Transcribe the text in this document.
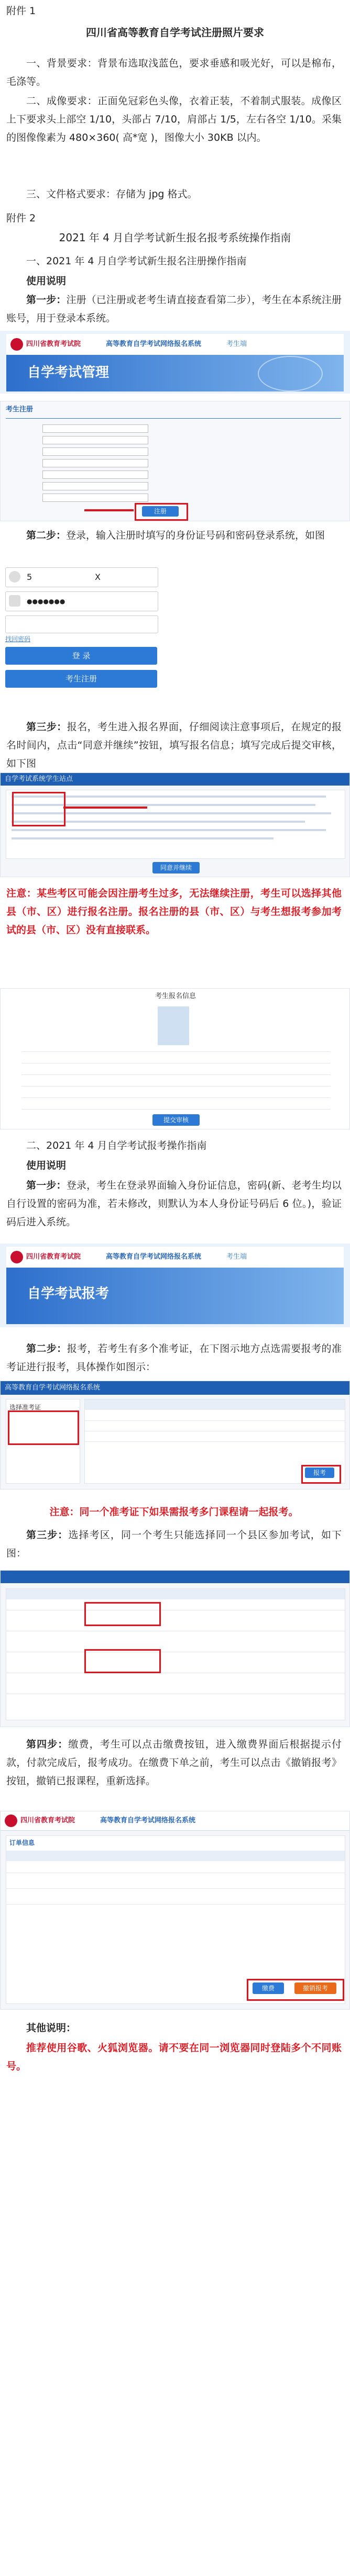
附件 1
四川省高等教育自学考试注册照片要求
一、背景要求：背景布选取浅蓝色，要求垂感和吸光好，可以是棉布，毛涤等。
二、成像要求：正面免冠彩色头像，衣着正装，不着制式服装。成像区上下要求头上部空 1/10，头部占 7/10，肩部占 1/5，左右各空 1/10。采集的图像像素为 480×360( 高*宽 )，图像大小 30KB 以内。
三、文件格式要求：存储为 jpg 格式。
附件 2
2021 年 4 月自学考试新生报名报考系统操作指南
一、2021 年 4 月自学考试新生报名注册操作指南
使用说明
第一步：注册（已注册或老考生请直接查看第二步），考生在本系统注册账号，用于登录本系统。
四川省教育考试院	高等教育自学考试网络报名系统	考生端
自学考试管理
考生注册
注册
第二步：登录，输入注册时填写的身份证号码和密码登录系统，如图
5	X
●●●●●●●
找回密码
登 录
考生注册
第三步：报名，考生进入报名界面，仔细阅读注意事项后，在规定的报名时间内，点击“同意并继续”按钮，填写报名信息；填写完成后提交审核，如下图
自学考试系统学生站点
同意并继续
注意：某些考区可能会因注册考生过多，无法继续注册，考生可以选择其他县（市、区）进行报名注册。报名注册的县（市、区）与考生想报考参加考试的县（市、区）没有直接联系。
考生报名信息
提交审核
二、2021 年 4 月自学考试报考操作指南
使用说明
第一步：登录，考生在登录界面输入身份证信息，密码(新、老考生均以自行设置的密码为准，若未修改，则默认为本人身份证号码后 6 位。)，验证码后进入系统。
四川省教育考试院	高等教育自学考试网络报名系统	考生端
自学考试报考
第二步：报考，若考生有多个准考证，在下图示地方点选需要报考的准考证进行报考，具体操作如图示：
高等教育自学考试网络报名系统
选择准考证
报考
注意：同一个准考证下如果需报考多门课程请一起报考。
第三步：选择考区，同一个考生只能选择同一个县区参加考试，如下图：
第四步：缴费，考生可以点击缴费按钮，进入缴费界面后根据提示付款，付款完成后，报考成功。在缴费下单之前，考生可以点击《撤销报考》按钮，撤销已报课程，重新选择。
四川省教育考试院	高等教育自学考试网络报名系统
订单信息
缴费	撤销报考
其他说明：
推荐使用谷歌、火狐浏览器。请不要在同一浏览器同时登陆多个不同账号。
